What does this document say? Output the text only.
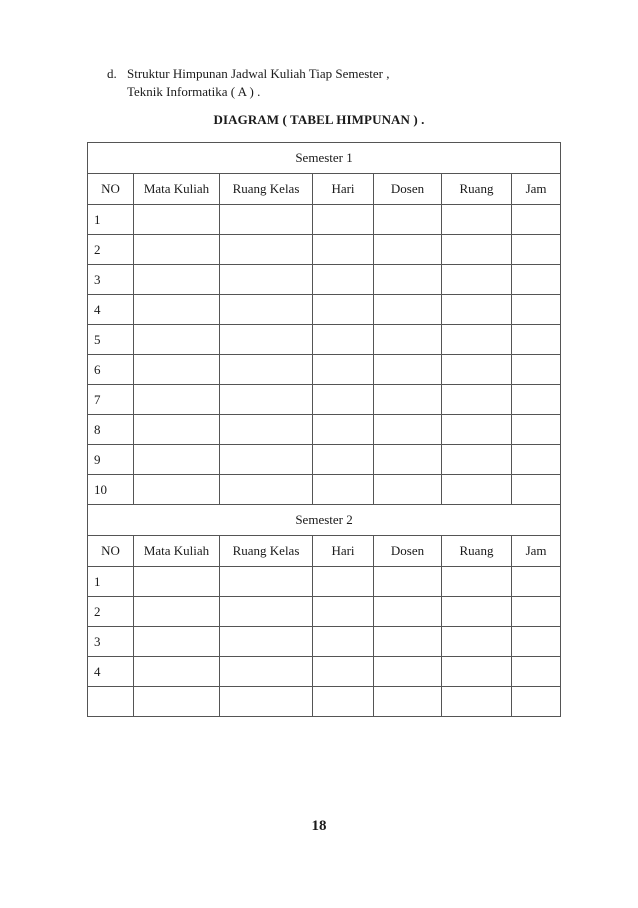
d. Struktur Himpunan Jadwal Kuliah Tiap Semester ,
Teknik Informatika ( A ) .
DIAGRAM ( TABEL HIMPUNAN ) .
Semester 1						
NO	Mata Kuliah	Ruang Kelas	Hari	Dosen	Ruang	Jam
1						
2						
3						
4						
5						
6						
7						
8						
9						
10						
Semester 2						
NO	Mata Kuliah	Ruang Kelas	Hari	Dosen	Ruang	Jam
1						
2						
3						
4						

18
